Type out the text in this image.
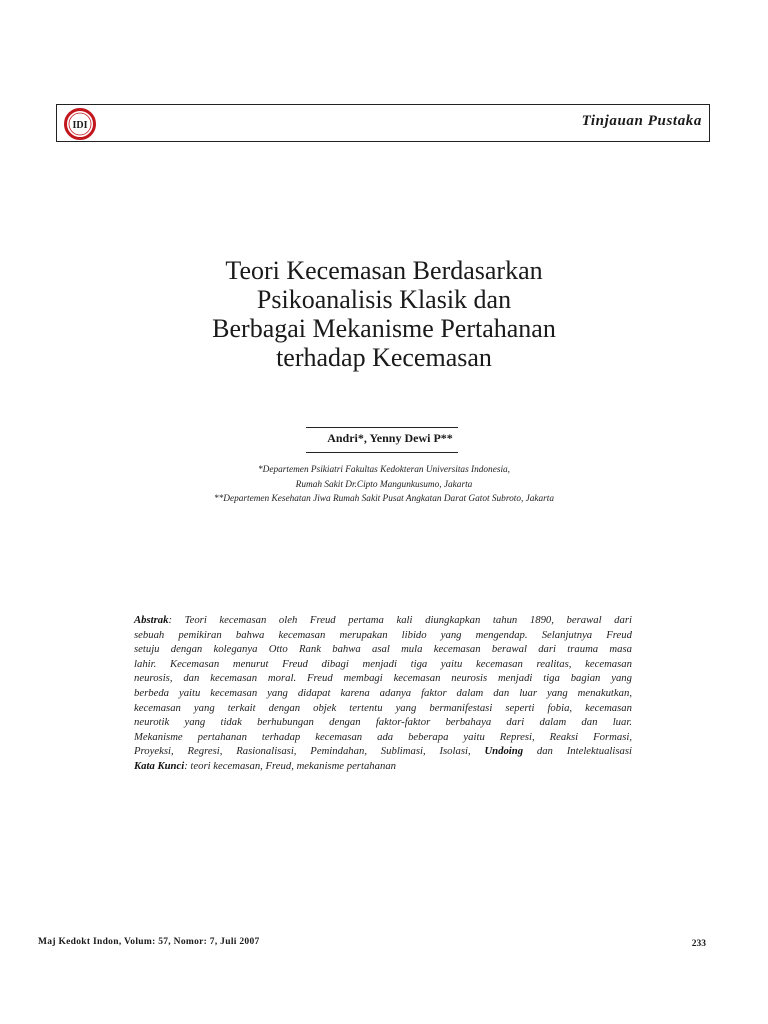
IDI	Tinjauan Pustaka
Teori Kecemasan Berdasarkan
Psikoanalisis Klasik dan
Berbagai Mekanisme Pertahanan
terhadap Kecemasan
Andri*, Yenny Dewi P**
*Departemen Psikiatri Fakultas Kedokteran Universitas Indonesia,
Rumah Sakit Dr.Cipto Mangunkusumo, Jakarta
**Departemen Kesehatan Jiwa Rumah Sakit Pusat Angkatan Darat Gatot Subroto, Jakarta
Abstrak: Teori kecemasan oleh Freud pertama kali diungkapkan tahun 1890, berawal dari
sebuah pemikiran bahwa kecemasan merupakan libido yang mengendap. Selanjutnya Freud
setuju dengan koleganya Otto Rank bahwa asal mula kecemasan berawal dari trauma masa
lahir. Kecemasan menurut Freud dibagi menjadi tiga yaitu kecemasan realitas, kecemasan
neurosis, dan kecemasan moral. Freud membagi kecemasan neurosis menjadi tiga bagian yang
berbeda yaitu kecemasan yang didapat karena adanya faktor dalam dan luar yang menakutkan,
kecemasan yang terkait dengan objek tertentu yang bermanifestasi seperti fobia, kecemasan
neurotik yang tidak berhubungan dengan faktor-faktor berbahaya dari dalam dan luar.
Mekanisme pertahanan terhadap kecemasan ada beberapa yaitu Represi, Reaksi Formasi,
Proyeksi, Regresi, Rasionalisasi, Pemindahan, Sublimasi, Isolasi, Undoing dan Intelektualisasi
Kata Kunci: teori kecemasan, Freud, mekanisme pertahanan
Maj Kedokt Indon, Volum: 57, Nomor: 7, Juli 2007	233
